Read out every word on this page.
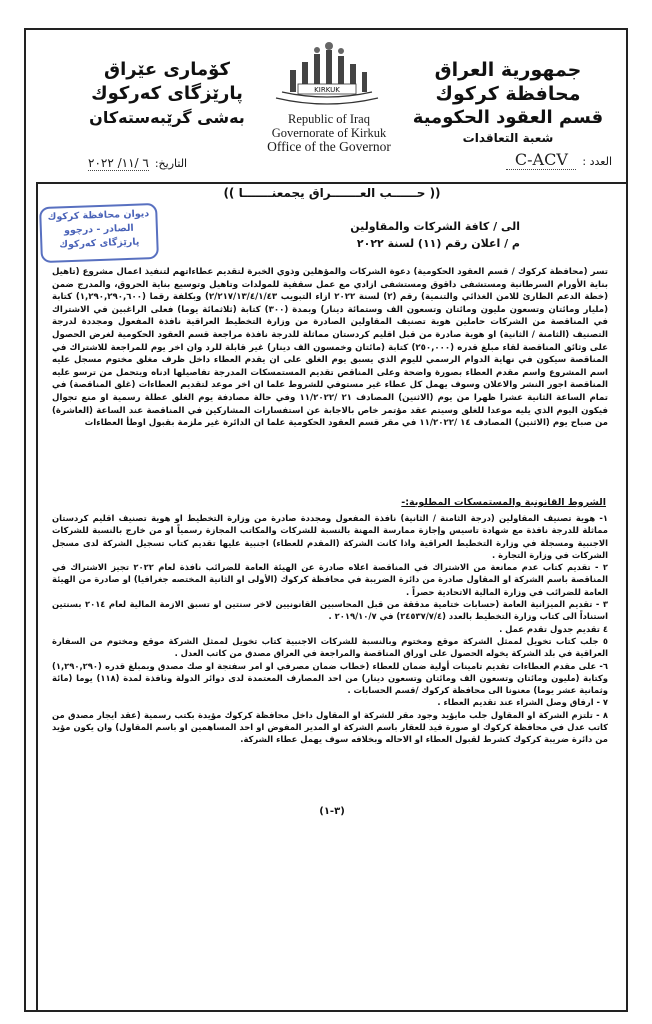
جمهورية العراق
محافظة كركوك
قسم العقود الحكومية
شعبة التعاقدات
كۆماری عێراق
پارێزگای كەركوك
بەشی گرێبەستەكان
KIRKUK
Republic of Iraq
Governorate of Kirkuk
Office of the Governor
العدد :
C-ACV
التاريخ:
٦ /١١/ ٢٠٢٢
(( حــــــب العـــــــراق يجمعنـــــــا ))
ديوان محافظة كركوك
الصادر - درچوو
پارێزگای كەركوك
الى / كافة الشركات والمقاولين
م / اعلان رقم (١١) لسنة ٢٠٢٢

تسر (محافظة كركوك / قسم العقود الحكومية) دعوة الشركات والمؤهلين وذوي الخبرة لتقديم عطاءاتهم لتنفيذ اعمال مشروع (تاهيل بناية الأورام السرطانية ومستشفى داقوق ومستشفى ازادي مع عمل سقفية للمولدات وتاهيل وتوسيع بناية الحروق، والمدرج ضمن (خطة الدعم الطارئ للامن الغذائي والتنمية) رقم (٢) لسنة ٢٠٢٢ ازاء التبويب ٢/٢١٧/١٣/٤/١/٤٣) وبكلفة رقما (١,٢٩٠,٢٩٠,٦٠٠) كتابة (مليار ومائتان وتسعون مليون ومائتان وتسعون الف وستمائة دينار) وبمدة (٣٠٠) كتابة (ثلاثمائة يوما) فعلى الراغبين في الاشتراك في المناقصة من الشركات حاملين هوية تصنيف المقاولين الصادرة من وزارة التخطيط العراقية نافذة المفعول ومجددة لدرجة التصنيف (الثامنة / الثانية) او هوية صادرة من قبل اقليم كردستان مماثلة للدرجة نافذة مراجعة قسم العقود الحكومية لغرض الحصول على وثائق المناقصة لقاء مبلغ قدره (٢٥٠,٠٠٠) كتابة (مائتان وخمسون الف دينار) غير قابلة للرد وان اخر يوم للمراجعة للاشتراك في المناقصة سيكون في نهاية الدوام الرسمي لليوم الذي يسبق يوم الغلق على ان يقدم العطاء داخل ظرف مغلق مختوم مسجل عليه اسم المشروع واسم مقدم العطاء بصورة واضحة وعلى المناقص تقديم المستمسكات المدرجة تفاصيلها ادناه ويتحمل من ترسو عليه المناقصة اجور النشر والاعلان وسوف يهمل كل عطاء غير مستوفي للشروط علما ان اخر موعد لتقديم العطاءات (غلق المناقصة) في تمام الساعة الثانية عشرا ظهرا من يوم (الاثنين) المصادف ٢١ /١١/٢٠٢٢ وفي حالة مصادفة يوم الغلق عطلة رسمية او منع تجوال فيكون اليوم الذي يليه موعدا للغلق وسيتم عقد مؤتمر خاص بالاجابة عن استفسارات المشاركين في المناقصة عند الساعة (العاشرة) من صباح يوم (الاثنين) المصادف ١٤ /١١/٢٠٢٢ في مقر قسم العقود الحكومية علما ان الدائرة غير ملزمة بقبول اوطأ العطاءات

الشروط القانونية والمستمسكات المطلوبة:-

١- هوية تصنيف المقاولين (درجة الثامنة / الثانية) نافذة المفعول ومجددة صادرة من وزارة التخطيط او هوية تصنيف اقليم كردستان مماثلة للدرجة نافذة مع شهادة تاسيس وإجازة ممارسة المهنة بالنسبة للشركات والمكاتب المجازة رسمياً او من خارج بالنسبة للشركات الاجنبية ومسجلة في وزارة التخطيط العراقية واذا كانت الشركة (المقدم للعطاء) اجنبية عليها تقديم كتاب تسجيل الشركة لدى مسجل الشركات في وزارة التجارة .

٢ - تقديم كتاب عدم ممانعة من الاشتراك في المناقصة اعلاه صادرة عن الهيئة العامة للضرائب نافذة لعام ٢٠٢٢ تجيز الاشتراك في المناقصة باسم الشركة او المقاول صادرة من دائرة الضريبة في محافظة كركوك (الأولى او الثانية المختصه جغرافيا) او صادرة من الهيئة العامة للضرائب في وزارة المالية الاتحادية حصراً .

٣ - تقديم الميزانية العامة (حسابات ختامية مدققة من قبل المحاسبين القانونيين لاخر سنتين او تسبق الازمة المالية لعام ٢٠١٤ بسنتين استناداً الى كتاب وزارة التخطيط بالعدد (٢٤٥٣٧/٧/٤) في ٢٠١٩/١٠/٧ .

٤ تقديم جدول تقدم عمل .

٥ جلب كتاب تخويل لممثل الشركة موقع ومختوم وبالنسبة للشركات الاجنبية كتاب تخويل لممثل الشركة موقع ومختوم من السفارة العراقية في بلد الشركة يخوله الحصول على اوراق المناقصة والمراجعة في العراق مصدق من كاتب العدل .

٦- على مقدم العطاءات تقديم تامينات أولية ضمان للعطاء (خطاب ضمان مصرفي او امر سفتجة او صك مصدق وبمبلغ قدره (١,٢٩٠,٢٩٠) وكتابة (مليون ومائتان وتسعون الف ومائتان وتسعون دينار) من احد المصارف المعتمدة لدى دوائر الدولة ونافذة لمدة (١١٨) يوما (مائة وثمانية عشر يوما) معنونا الى محافظة كركوك /قسم الحسابات .

٧ - ارفاق وصل الشراء عند تقديم العطاء .

٨ - تلتزم الشركة او المقاول جلب مايؤيد وجود مقر للشركة او المقاول داخل محافظة كركوك مؤيدة بكتب رسمية (عقد ايجار مصدق من كاتب عدل في محافظة كركوك او صورة قيد للعقار باسم الشركة او المدير المفوض او احد المساهمين او باسم المقاول) وان يكون مؤيد من دائرة ضريبة كركوك كشرط لقبول العطاء او الاحاله وبخلافه سوف يهمل عطاء الشركة.

(٣-١)
